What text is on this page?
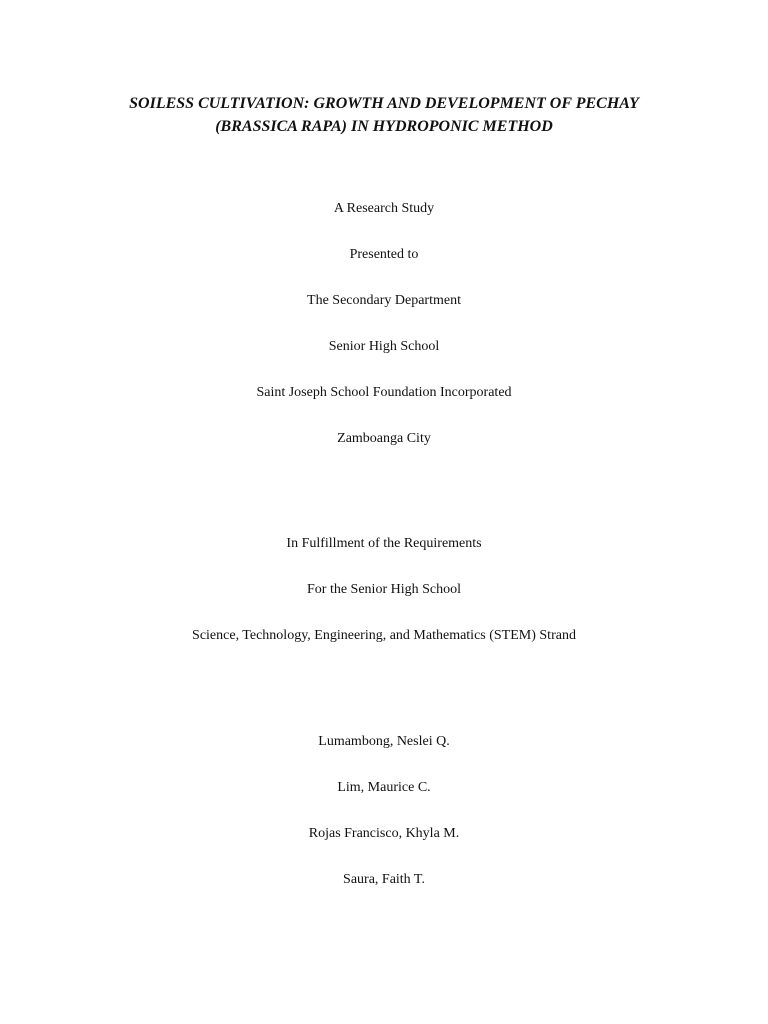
SOILESS CULTIVATION: GROWTH AND DEVELOPMENT OF PECHAY
(BRASSICA RAPA) IN HYDROPONIC METHOD

A Research Study

Presented to

The Secondary Department

Senior High School

Saint Joseph School Foundation Incorporated

Zamboanga City

In Fulfillment of the Requirements

For the Senior High School

Science, Technology, Engineering, and Mathematics (STEM) Strand

Lumambong, Neslei Q.

Lim, Maurice C.

Rojas Francisco, Khyla M.

Saura, Faith T.
